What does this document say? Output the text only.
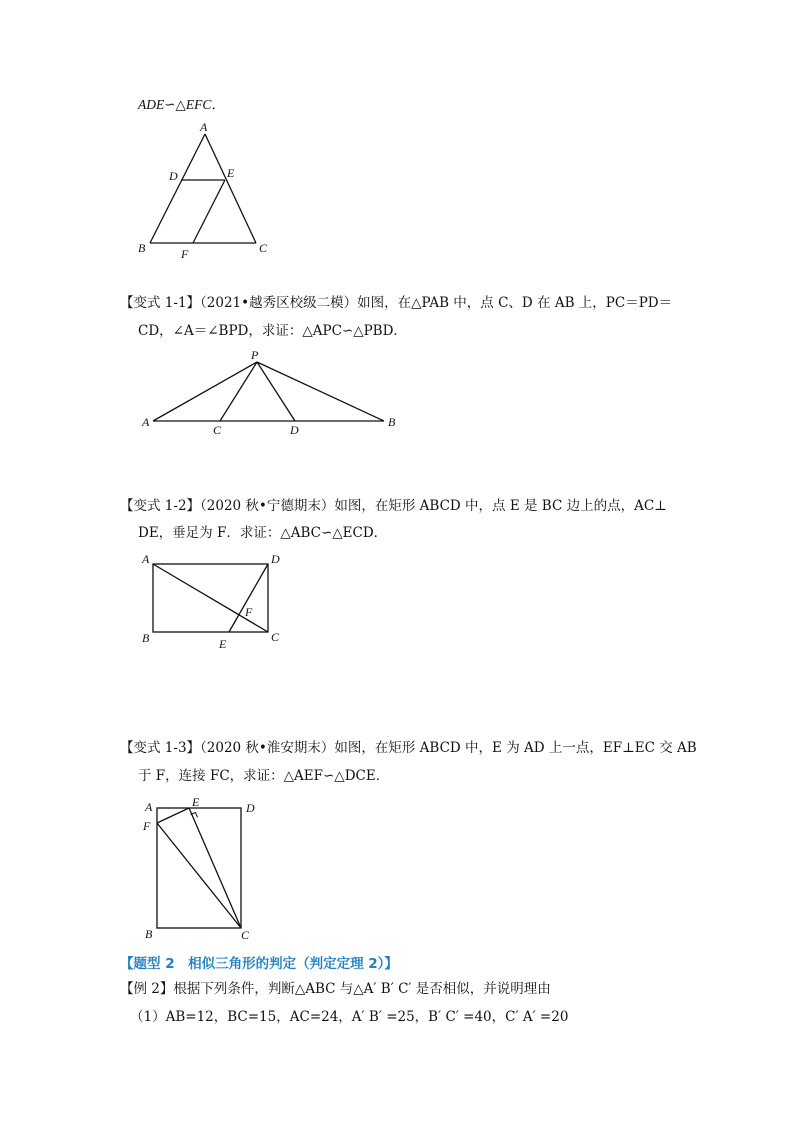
ADE∽△EFC．
A
D	E
B	F	C
【变式 1-1】（2021•越秀区校级二模）如图，在△PAB 中，点 C、D 在 AB 上，PC＝PD＝
CD，∠A＝∠BPD，求证：△APC∽△PBD．
P
A
C	D
B
【变式 1-2】（2020 秋•宁德期末）如图，在矩形 ABCD 中，点 E 是 BC 边上的点，AC⊥
DE，垂足为 F．求证：△ABC∽△ECD．
A	D
F
B	E	C
【变式 1-3】（2020 秋•淮安期末）如图，在矩形 ABCD 中，E 为 AD 上一点，EF⊥EC 交 AB
于 F，连接 FC，求证：△AEF∽△DCE．
A	E	D
F
B	C
【题型 2　相似三角形的判定（判定定理 2）】
【例 2】根据下列条件，判断△ABC 与△A′ B′ C′ 是否相似，并说明理由
（1）AB=12，BC=15，AC=24，A′ B′ =25，B′ C′ =40，C′ A′ =20
